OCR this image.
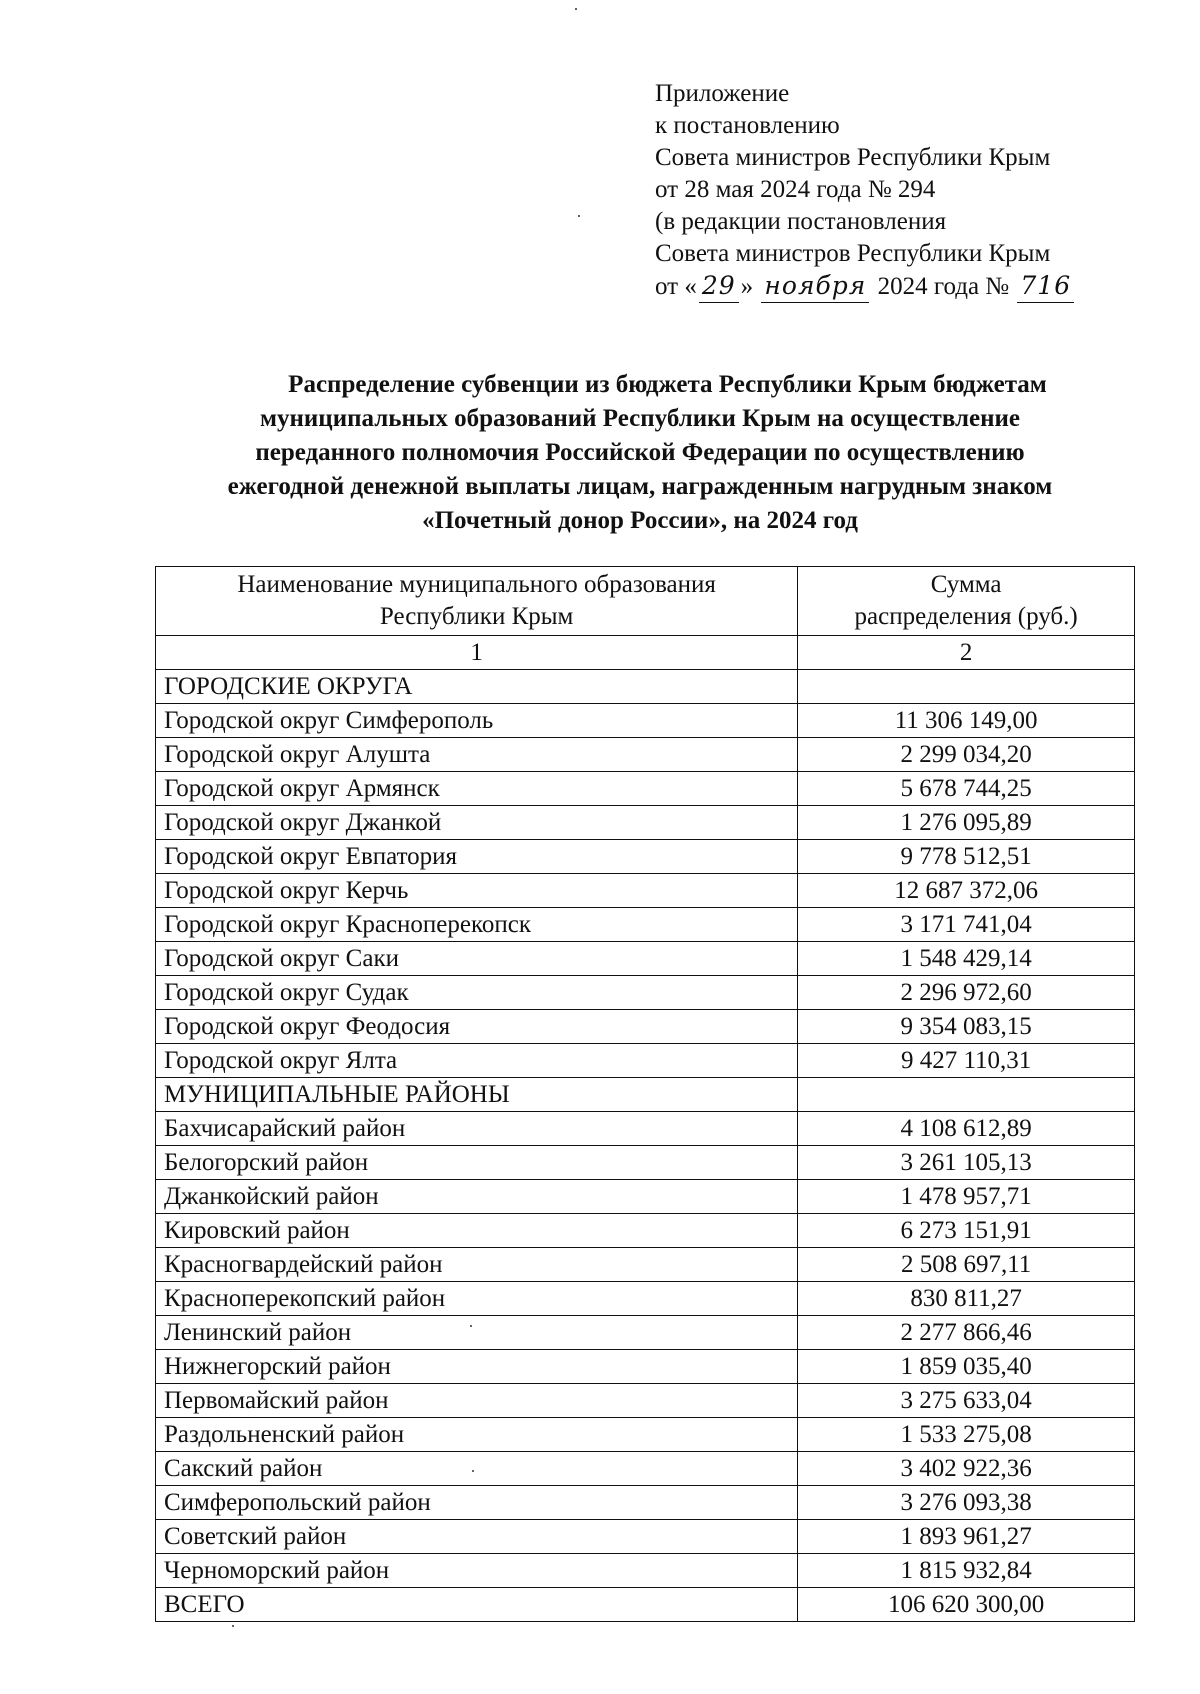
Приложение
к постановлению
Совета министров Республики Крым
от 28 мая 2024 года № 294
(в редакции постановления
Совета министров Республики Крым
от « 29 » ноября 2024 года № 716
Распределение субвенции из бюджета Республики Крым бюджетам
муниципальных образований Республики Крым на осуществление
переданного полномочия Российской Федерации по осуществлению
ежегодной денежной выплаты лицам, награжденным нагрудным знаком
«Почетный донор России», на 2024 год
Наименование муниципального образования
Республики Крым	Сумма
распределения (руб.)
1	2
ГОРОДСКИЕ ОКРУГА	
Городской округ Симферополь	11 306 149,00
Городской округ Алушта	2 299 034,20
Городской округ Армянск	5 678 744,25
Городской округ Джанкой	1 276 095,89
Городской округ Евпатория	9 778 512,51
Городской округ Керчь	12 687 372,06
Городской округ Красноперекопск	3 171 741,04
Городской округ Саки	1 548 429,14
Городской округ Судак	2 296 972,60
Городской округ Феодосия	9 354 083,15
Городской округ Ялта	9 427 110,31
МУНИЦИПАЛЬНЫЕ РАЙОНЫ	
Бахчисарайский район	4 108 612,89
Белогорский район	3 261 105,13
Джанкойский район	1 478 957,71
Кировский район	6 273 151,91
Красногвардейский район	2 508 697,11
Красноперекопский район	830 811,27
Ленинский район	2 277 866,46
Нижнегорский район	1 859 035,40
Первомайский район	3 275 633,04
Раздольненский район	1 533 275,08
Сакский район	3 402 922,36
Симферопольский район	3 276 093,38
Советский район	1 893 961,27
Черноморский район	1 815 932,84
ВСЕГО	106 620 300,00
